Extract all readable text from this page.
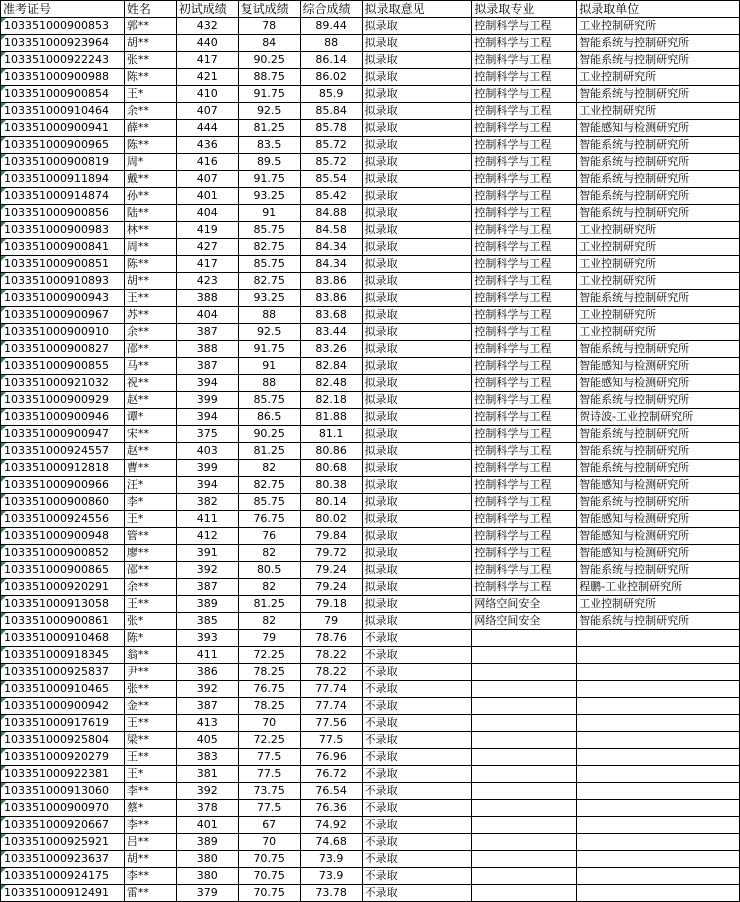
准考证号	姓名	初试成绩	复试成绩	综合成绩	拟录取意见	拟录取专业	拟录取单位
103351000900853	郭**	432	78	89.44	拟录取	控制科学与工程	工业控制研究所
103351000923964	胡**	440	84	88	拟录取	控制科学与工程	智能系统与控制研究所
103351000922243	张**	417	90.25	86.14	拟录取	控制科学与工程	智能系统与控制研究所
103351000900988	陈**	421	88.75	86.02	拟录取	控制科学与工程	工业控制研究所
103351000900854	王*	410	91.75	85.9	拟录取	控制科学与工程	智能系统与控制研究所
103351000910464	余**	407	92.5	85.84	拟录取	控制科学与工程	工业控制研究所
103351000900941	薛**	444	81.25	85.78	拟录取	控制科学与工程	智能感知与检测研究所
103351000900965	陈**	436	83.5	85.72	拟录取	控制科学与工程	智能系统与控制研究所
103351000900819	周*	416	89.5	85.72	拟录取	控制科学与工程	智能系统与控制研究所
103351000911894	戴**	407	91.75	85.54	拟录取	控制科学与工程	智能系统与控制研究所
103351000914874	孙**	401	93.25	85.42	拟录取	控制科学与工程	智能系统与控制研究所
103351000900856	陆**	404	91	84.88	拟录取	控制科学与工程	智能系统与控制研究所
103351000900983	林**	419	85.75	84.58	拟录取	控制科学与工程	工业控制研究所
103351000900841	周**	427	82.75	84.34	拟录取	控制科学与工程	工业控制研究所
103351000900851	陈**	417	85.75	84.34	拟录取	控制科学与工程	工业控制研究所
103351000910893	胡**	423	82.75	83.86	拟录取	控制科学与工程	工业控制研究所
103351000900943	王**	388	93.25	83.86	拟录取	控制科学与工程	智能系统与控制研究所
103351000900967	苏**	404	88	83.68	拟录取	控制科学与工程	工业控制研究所
103351000900910	余**	387	92.5	83.44	拟录取	控制科学与工程	工业控制研究所
103351000900827	邵**	388	91.75	83.26	拟录取	控制科学与工程	智能系统与控制研究所
103351000900855	马**	387	91	82.84	拟录取	控制科学与工程	智能感知与检测研究所
103351000921032	祝**	394	88	82.48	拟录取	控制科学与工程	智能感知与检测研究所
103351000900929	赵**	399	85.75	82.18	拟录取	控制科学与工程	智能系统与控制研究所
103351000900946	谭*	394	86.5	81.88	拟录取	控制科学与工程	贺诗波-工业控制研究所
103351000900947	宋**	375	90.25	81.1	拟录取	控制科学与工程	智能系统与控制研究所
103351000924557	赵**	403	81.25	80.86	拟录取	控制科学与工程	智能系统与控制研究所
103351000912818	曹**	399	82	80.68	拟录取	控制科学与工程	智能系统与控制研究所
103351000900966	汪*	394	82.75	80.38	拟录取	控制科学与工程	智能感知与检测研究所
103351000900860	李*	382	85.75	80.14	拟录取	控制科学与工程	智能系统与控制研究所
103351000924556	王*	411	76.75	80.02	拟录取	控制科学与工程	智能感知与检测研究所
103351000900948	管**	412	76	79.84	拟录取	控制科学与工程	智能感知与检测研究所
103351000900852	廖**	391	82	79.72	拟录取	控制科学与工程	智能感知与检测研究所
103351000900865	邵**	392	80.5	79.24	拟录取	控制科学与工程	智能系统与控制研究所
103351000920291	余**	387	82	79.24	拟录取	控制科学与工程	程鹏-工业控制研究所
103351000913058	王**	389	81.25	79.18	拟录取	网络空间安全	工业控制研究所
103351000900861	张*	385	82	79	拟录取	网络空间安全	智能系统与控制研究所
103351000910468	陈*	393	79	78.76	不录取		
103351000918345	翁**	411	72.25	78.22	不录取		
103351000925837	尹**	386	78.25	78.22	不录取		
103351000910465	张**	392	76.75	77.74	不录取		
103351000900942	金**	387	78.25	77.74	不录取		
103351000917619	王**	413	70	77.56	不录取		
103351000925804	梁**	405	72.25	77.5	不录取		
103351000920279	王**	383	77.5	76.96	不录取		
103351000922381	王*	381	77.5	76.72	不录取		
103351000913060	李**	392	73.75	76.54	不录取		
103351000900970	蔡*	378	77.5	76.36	不录取		
103351000920667	李**	401	67	74.92	不录取		
103351000925921	吕**	389	70	74.68	不录取		
103351000923637	胡**	380	70.75	73.9	不录取		
103351000924175	李**	380	70.75	73.9	不录取		
103351000912491	雷**	379	70.75	73.78	不录取		
